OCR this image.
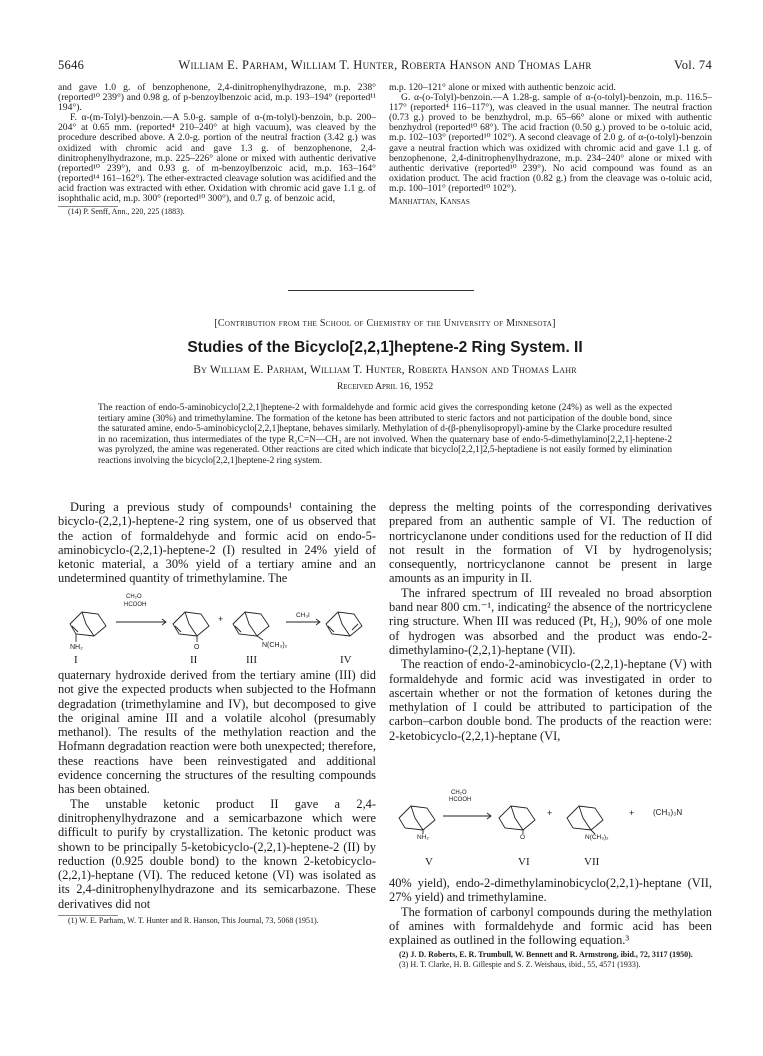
5646	William E. Parham, William T. Hunter, Roberta Hanson and Thomas Lahr	Vol. 74

and gave 1.0 g. of benzophenone, 2,4-dinitrophenylhydrazone, m.p. 238° (reported¹⁰ 239°) and 0.98 g. of p-benzoylbenzoic acid, m.p. 193–194° (reported¹¹ 194°).

F. α-(m-Tolyl)-benzoin.—A 5.0-g. sample of α-(m-tolyl)-benzoin, b.p. 200–204° at 0.65 mm. (reported⁴ 210–240° at high vacuum), was cleaved by the procedure described above. A 2.0-g. portion of the neutral fraction (3.42 g.) was oxidized with chromic acid and gave 1.3 g. of benzophenone, 2,4-dinitrophenylhydrazone, m.p. 225–226° alone or mixed with authentic derivative (reported¹⁰ 239°), and 0.93 g. of m-benzoylbenzoic acid, m.p. 163–164° (reported¹⁴ 161–162°). The ether-extracted cleavage solution was acidified and the acid fraction was extracted with ether. Oxidation with chromic acid gave 1.1 g. of isophthalic acid, m.p. 300° (reported¹⁰ 300°), and 0.7 g. of benzoic acid,

(14) P. Senff, Ann., 220, 225 (1883).

m.p. 120–121° alone or mixed with authentic benzoic acid.

G. α-(o-Tolyl)-benzoin.—A 1.28-g. sample of α-(o-tolyl)-benzoin, m.p. 116.5–117° (reported⁴ 116–117°), was cleaved in the usual manner. The neutral fraction (0.73 g.) proved to be benzhydrol, m.p. 65–66° alone or mixed with authentic benzhydrol (reported¹⁰ 68°). The acid fraction (0.50 g.) proved to be o-toluic acid, m.p. 102–103° (reported¹⁰ 102°). A second cleavage of 2.0 g. of α-(o-tolyl)-benzoin gave a neutral fraction which was oxidized with chromic acid and gave 1.1 g. of benzophenone, 2,4-dinitrophenylhydrazone, m.p. 234–240° alone or mixed with authentic derivative (reported¹⁰ 239°). No acid compound was found as an oxidation product. The acid fraction (0.82 g.) from the cleavage was o-toluic acid, m.p. 100–101° (reported¹⁰ 102°).

Manhattan, Kansas

[Contribution from the School of Chemistry of the University of Minnesota]
Studies of the Bicyclo[2,2,1]heptene-2 Ring System. II
By William E. Parham, William T. Hunter, Roberta Hanson and Thomas Lahr
Received April 16, 1952
The reaction of endo-5-aminobicyclo[2,2,1]heptene-2 with formaldehyde and formic acid gives the corresponding ketone (24%) as well as the expected tertiary amine (30%) and trimethylamine. The formation of the ketone has been attributed to steric factors and not participation of the double bond, since the saturated amine, endo-5-aminobicyclo[2,2,1]heptane, behaves similarly. Methylation of d-(β-phenylisopropyl)-amine by the Clarke procedure resulted in no racemization, thus intermediates of the type R₂C=N—CH₃ are not involved. When the quaternary base of endo-5-dimethylamino[2,2,1]-heptene-2 was pyrolyzed, the amine was regenerated. Other reactions are cited which indicate that bicyclo[2,2,1]2,5-heptadiene is not easily formed by elimination reactions involving the bicyclo[2,2,1]heptene-2 ring system.

During a previous study of compounds¹ containing the bicyclo-(2,2,1)-heptene-2 ring system, one of us observed that the action of formaldehyde and formic acid on endo-5-aminobicyclo-(2,2,1)-heptene-2 (I) resulted in 24% yield of ketonic material, a 30% yield of a tertiary amine and an undetermined quantity of trimethylamine. The

CH₂O
HCOOH
+	CH₃I
NH₂	O	N(CH₃)₂
I	II	III	IV

quaternary hydroxide derived from the tertiary amine (III) did not give the expected products when subjected to the Hofmann degradation (trimethylamine and IV), but decomposed to give the original amine III and a volatile alcohol (presumably methanol). The results of the methylation reaction and the Hofmann degradation reaction were both unexpected; therefore, these reactions have been reinvestigated and additional evidence concerning the structures of the resulting compounds has been obtained.

The unstable ketonic product II gave a 2,4-dinitrophenylhydrazone and a semicarbazone which were difficult to purify by crystallization. The ketonic product was shown to be principally 5-ketobicyclo-(2,2,1)-heptene-2 (II) by reduction (0.925 double bond) to the known 2-ketobicyclo-(2,2,1)-heptane (VI). The reduced ketone (VI) was isolated as its 2,4-dinitrophenylhydrazone and its semicarbazone. These derivatives did not

(1) W. E. Parham, W. T. Hunter and R. Hanson, This Journal, 73, 5068 (1951).

depress the melting points of the corresponding derivatives prepared from an authentic sample of VI. The reduction of nortricyclanone under conditions used for the reduction of II did not result in the formation of VI by hydrogenolysis; consequently, nortricyclanone cannot be present in large amounts as an impurity in II.

The infrared spectrum of III revealed no broad absorption band near 800 cm.⁻¹, indicating² the absence of the nortricyclene ring structure. When III was reduced (Pt, H₂), 90% of one mole of hydrogen was absorbed and the product was endo-2-dimethylamino-(2,2,1)-heptane (VII).

The reaction of endo-2-aminobicyclo-(2,2,1)-heptane (V) with formaldehyde and formic acid was investigated in order to ascertain whether or not the formation of ketones during the methylation of I could be attributed to participation of the carbon–carbon double bond. The products of the reaction were: 2-ketobicyclo-(2,2,1)-heptane (VI,

CH₂O
HCOOH
+	+ (CH₃)₃N
NH₂	O	N(CH₃)₂
V	VI	VII

40% yield), endo-2-dimethylaminobicyclo(2,2,1)-heptane (VII, 27% yield) and trimethylamine.

The formation of carbonyl compounds during the methylation of amines with formaldehyde and formic acid has been explained as outlined in the following equation.³

(2) J. D. Roberts, E. R. Trumbull, W. Bennett and R. Armstrong, ibid., 72, 3117 (1950).

(3) H. T. Clarke, H. B. Gillespie and S. Z. Weishaus, ibid., 55, 4571 (1933).
